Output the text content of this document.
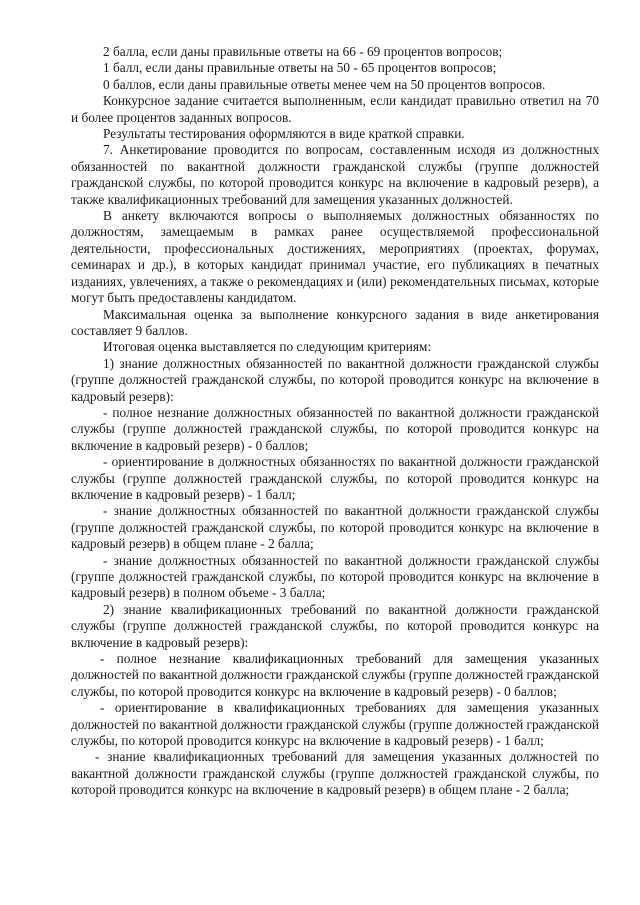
2 балла, если даны правильные ответы на 66 - 69 процентов вопросов;

1 балл, если даны правильные ответы на 50 - 65 процентов вопросов;

0 баллов, если даны правильные ответы менее чем на 50 процентов вопросов.

Конкурсное задание считается выполненным, если кандидат правильно ответил на 70 и более процентов заданных вопросов.

Результаты тестирования оформляются в виде краткой справки.

7. Анкетирование проводится по вопросам, составленным исходя из должностных обязанностей по вакантной должности гражданской службы (группе должностей гражданской службы, по которой проводится конкурс на включение в кадровый резерв), а также квалификационных требований для замещения указанных должностей.

В анкету включаются вопросы о выполняемых должностных обязанностях по должностям, замещаемым в рамках ранее осуществляемой профессиональной деятельности, профессиональных достижениях, мероприятиях (проектах, форумах, семинарах и др.), в которых кандидат принимал участие, его публикациях в печатных изданиях, увлечениях, а также о рекомендациях и (или) рекомендательных письмах, которые могут быть предоставлены кандидатом.

Максимальная оценка за выполнение конкурсного задания в виде анкетирования составляет 9 баллов.

Итоговая оценка выставляется по следующим критериям:

1) знание должностных обязанностей по вакантной должности гражданской службы (группе должностей гражданской службы, по которой проводится конкурс на включение в кадровый резерв):

- полное незнание должностных обязанностей по вакантной должности гражданской службы (группе должностей гражданской службы, по которой проводится конкурс на включение в кадровый резерв) - 0 баллов;

- ориентирование в должностных обязанностях по вакантной должности гражданской службы (группе должностей гражданской службы, по которой проводится конкурс на включение в кадровый резерв) - 1 балл;

- знание должностных обязанностей по вакантной должности гражданской службы (группе должностей гражданской службы, по которой проводится конкурс на включение в кадровый резерв) в общем плане - 2 балла;

- знание должностных обязанностей по вакантной должности гражданской службы (группе должностей гражданской службы, по которой проводится конкурс на включение в кадровый резерв) в полном объеме - 3 балла;

2) знание квалификационных требований по вакантной должности гражданской службы (группе должностей гражданской службы, по которой проводится конкурс на включение в кадровый резерв):

- полное незнание квалификационных требований для замещения указанных должностей по вакантной должности гражданской службы (группе должностей гражданской службы, по которой проводится конкурс на включение в кадровый резерв) - 0 баллов;

- ориентирование в квалификационных требованиях для замещения указанных должностей по вакантной должности гражданской службы (группе должностей гражданской службы, по которой проводится конкурс на включение в кадровый резерв) - 1 балл;

- знание квалификационных требований для замещения указанных должностей по вакантной должности гражданской службы (группе должностей гражданской службы, по которой проводится конкурс на включение в кадровый резерв) в общем плане - 2 балла;
